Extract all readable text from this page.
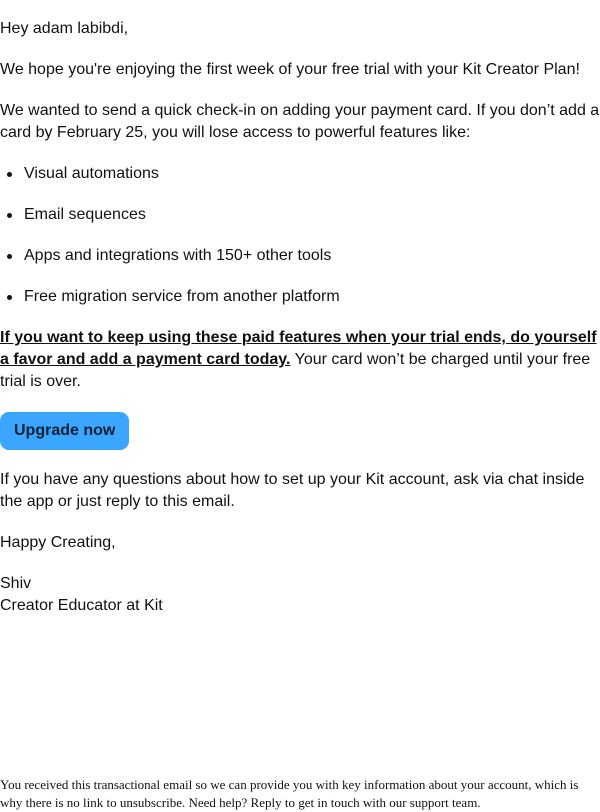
Hey adam labibdi,

We hope you're enjoying the first week of your free trial with your Kit Creator Plan!

We wanted to send a quick check-in on adding your payment card. If you don’t add a card by February 25, you will lose access to powerful features like:

Visual automations
Email sequences
Apps and integrations with 150+ other tools
Free migration service from another platform

If you want to keep using these paid features when your trial ends, do yourself a favor and add a payment card today. Your card won’t be charged until your free trial is over.

Upgrade now

If you have any questions about how to set up your Kit account, ask via chat inside the app or just reply to this email.

Happy Creating,

Shiv

Creator Educator at Kit

You received this transactional email so we can provide you with key information about your account, which is why there is no link to unsubscribe. Need help? Reply to get in touch with our support team.
